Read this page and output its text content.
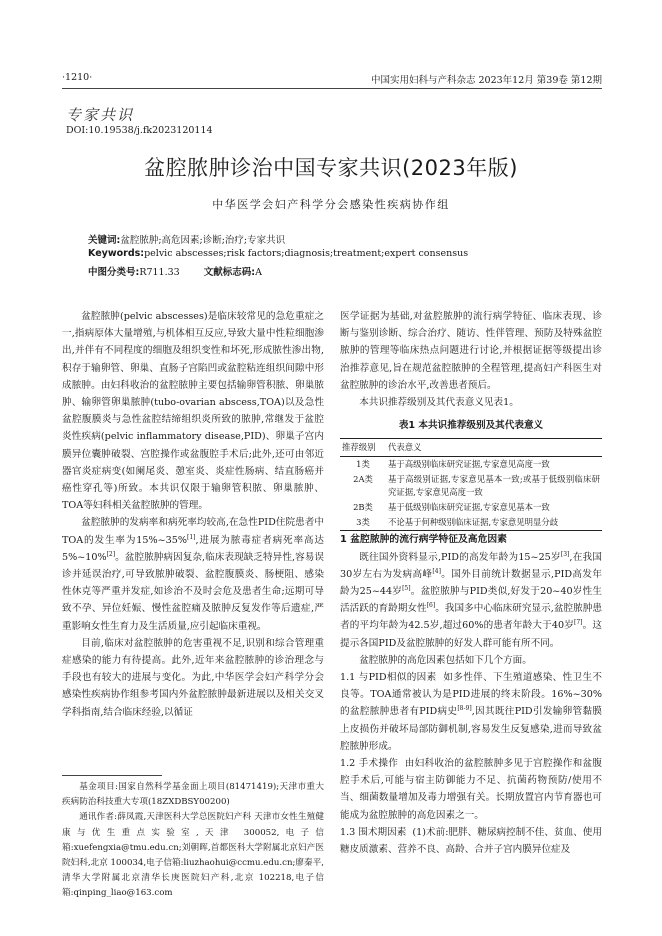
·1210·	中国实用妇科与产科杂志 2023年12月 第39卷 第12期
专家共识
DOI:10.19538/j.fk2023120114
盆腔脓肿诊治中国专家共识(2023年版)
中华医学会妇产科学分会感染性疾病协作组
关键词:盆腔脓肿;高危因素;诊断;治疗;专家共识
Keywords:pelvic abscesses;risk factors;diagnosis;treatment;expert consensus
中图分类号:R711.33	文献标志码:A

盆腔脓肿(pelvic abscesses)是临床较常见的急危重症之一,指病原体大量增殖,与机体相互反应,导致大量中性粒细胞渗出,并伴有不同程度的细胞及组织变性和坏死,形成脓性渗出物,积存于输卵管、卵巢、直肠子宫陷凹或盆腔粘连组织间隙中形成脓肿。由妇科收治的盆腔脓肿主要包括输卵管积脓、卵巢脓肿、输卵管卵巢脓肿(tubo-ovarian abscess,TOA)以及急性盆腔腹膜炎与急性盆腔结缔组织炎所致的脓肿,常继发于盆腔炎性疾病(pelvic inflammatory disease,PID)、卵巢子宫内膜异位囊肿破裂、宫腔操作或盆腹腔手术后;此外,还可由邻近器官炎症病变(如阑尾炎、憩室炎、炎症性肠病、结直肠癌并癌性穿孔等)所致。本共识仅限于输卵管积脓、卵巢脓肿、TOA等妇科相关盆腔脓肿的管理。

盆腔脓肿的发病率和病死率均较高,在急性PID住院患者中TOA的发生率为15%~35%[1],进展为脓毒症者病死率高达5%~10%[2]。盆腔脓肿病因复杂,临床表现缺乏特异性,容易误诊并延误治疗,可导致脓肿破裂、盆腔腹膜炎、肠梗阻、感染性休克等严重并发症,如诊治不及时会危及患者生命;远期可导致不孕、异位妊娠、慢性盆腔痛及脓肿反复发作等后遗症,严重影响女性生育力及生活质量,应引起临床重视。

目前,临床对盆腔脓肿的危害重视不足,识别和综合管理重症感染的能力有待提高。此外,近年来盆腔脓肿的诊治理念与手段也有较大的进展与变化。为此,中华医学会妇产科学分会感染性疾病协作组参考国内外盆腔脓肿最新进展以及相关交叉学科指南,结合临床经验,以循证

基金项目:国家自然科学基金面上项目(81471419);天津市重大疾病防治科技重大专项(18ZXDBSY00200)

通讯作者:薛凤霞,天津医科大学总医院妇产科 天津市女性生殖健康与优生重点实验室,天津 300052,电子信箱:xuefengxia@tmu.edu.cn;刘朝晖,首都医科大学附属北京妇产医院妇科,北京 100034,电子信箱:liuzhaohui@ccmu.edu.cn;廖秦平,清华大学附属北京清华长庚医院妇产科,北京 102218,电子信箱:qinping_liao@163.com

医学证据为基础,对盆腔脓肿的流行病学特征、临床表现、诊断与鉴别诊断、综合治疗、随访、性伴管理、预防及特殊盆腔脓肿的管理等临床热点问题进行讨论,并根据证据等级提出诊治推荐意见,旨在规范盆腔脓肿的全程管理,提高妇产科医生对盆腔脓肿的诊治水平,改善患者预后。

本共识推荐级别及其代表意义见表1。

表1 本共识推荐级别及其代表意义
推荐级别	代表意义
1类	基于高级别临床研究证据,专家意见高度一致
2A类	基于高级别证据,专家意见基本一致;或基于低级别临床研究证据,专家意见高度一致
2B类	基于低级别临床研究证据,专家意见基本一致
3类	不论基于何种级别临床证据,专家意见明显分歧

1 盆腔脓肿的流行病学特征及高危因素

既往国外资料显示,PID的高发年龄为15~25岁[3],在我国30岁左右为发病高峰[4]。国外目前统计数据显示,PID高发年龄为25~44岁[5]。盆腔脓肿与PID类似,好发于20~40岁性生活活跃的育龄期女性[6]。我国多中心临床研究显示,盆腔脓肿患者的平均年龄为42.5岁,超过60%的患者年龄大于40岁[7]。这提示各国PID及盆腔脓肿的好发人群可能有所不同。

盆腔脓肿的高危因素包括如下几个方面。

1.1 与PID相似的因素 如多性伴、下生殖道感染、性卫生不良等。TOA通常被认为是PID进展的终末阶段。16%~30%的盆腔脓肿患者有PID病史[8-9],因其既往PID引发输卵管黏膜上皮损伤并破坏局部防御机制,容易发生反复感染,进而导致盆腔脓肿形成。

1.2 手术操作 由妇科收治的盆腔脓肿多见于宫腔操作和盆腹腔手术后,可能与宿主防御能力不足、抗菌药物预防/使用不当、细菌数量增加及毒力增强有关。长期放置宫内节育器也可能成为盆腔脓肿的高危因素之一。

1.3 围术期因素 (1)术前:肥胖、糖尿病控制不佳、贫血、使用糖皮质激素、营养不良、高龄、合并子宫内膜异位症及
